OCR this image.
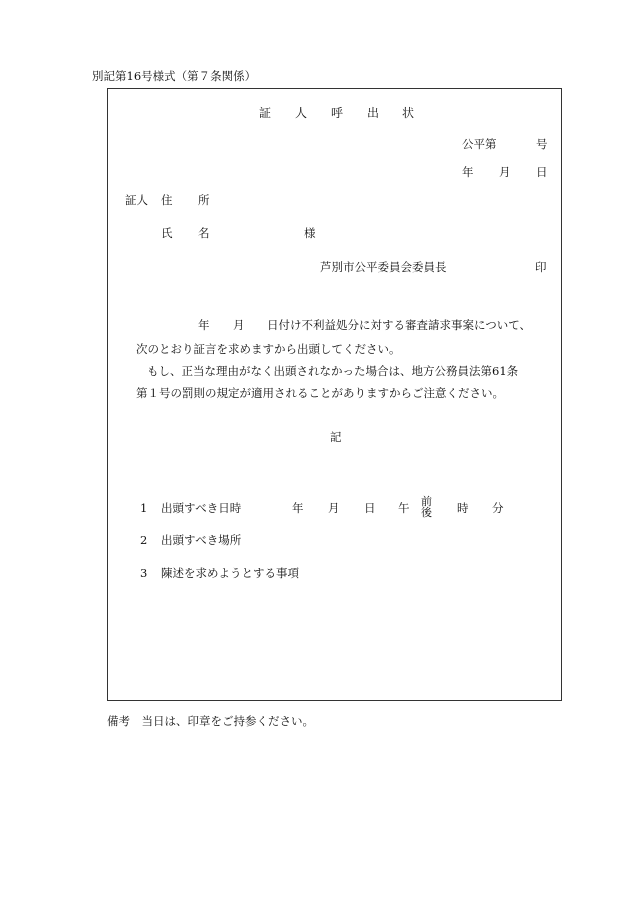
別記第16号様式（第７条関係）
証 人 呼 出 状
公平第	号
年 月 日
証人 住 所
氏 名	様
芦別市公平委員会委員長	印
年 月 日付け不利益処分に対する審査請求事案について、
次のとおり証言を求めますから出頭してください。
もし、正当な理由がなく出頭されなかった場合は、地方公務員法第61条
第１号の罰則の規定が適用されることがありますからご注意ください。
記
1 出頭すべき日時	年 月 日 午 前
後 時 分
2 出頭すべき場所
3 陳述を求めようとする事項
備考　当日は、印章をご持参ください。
